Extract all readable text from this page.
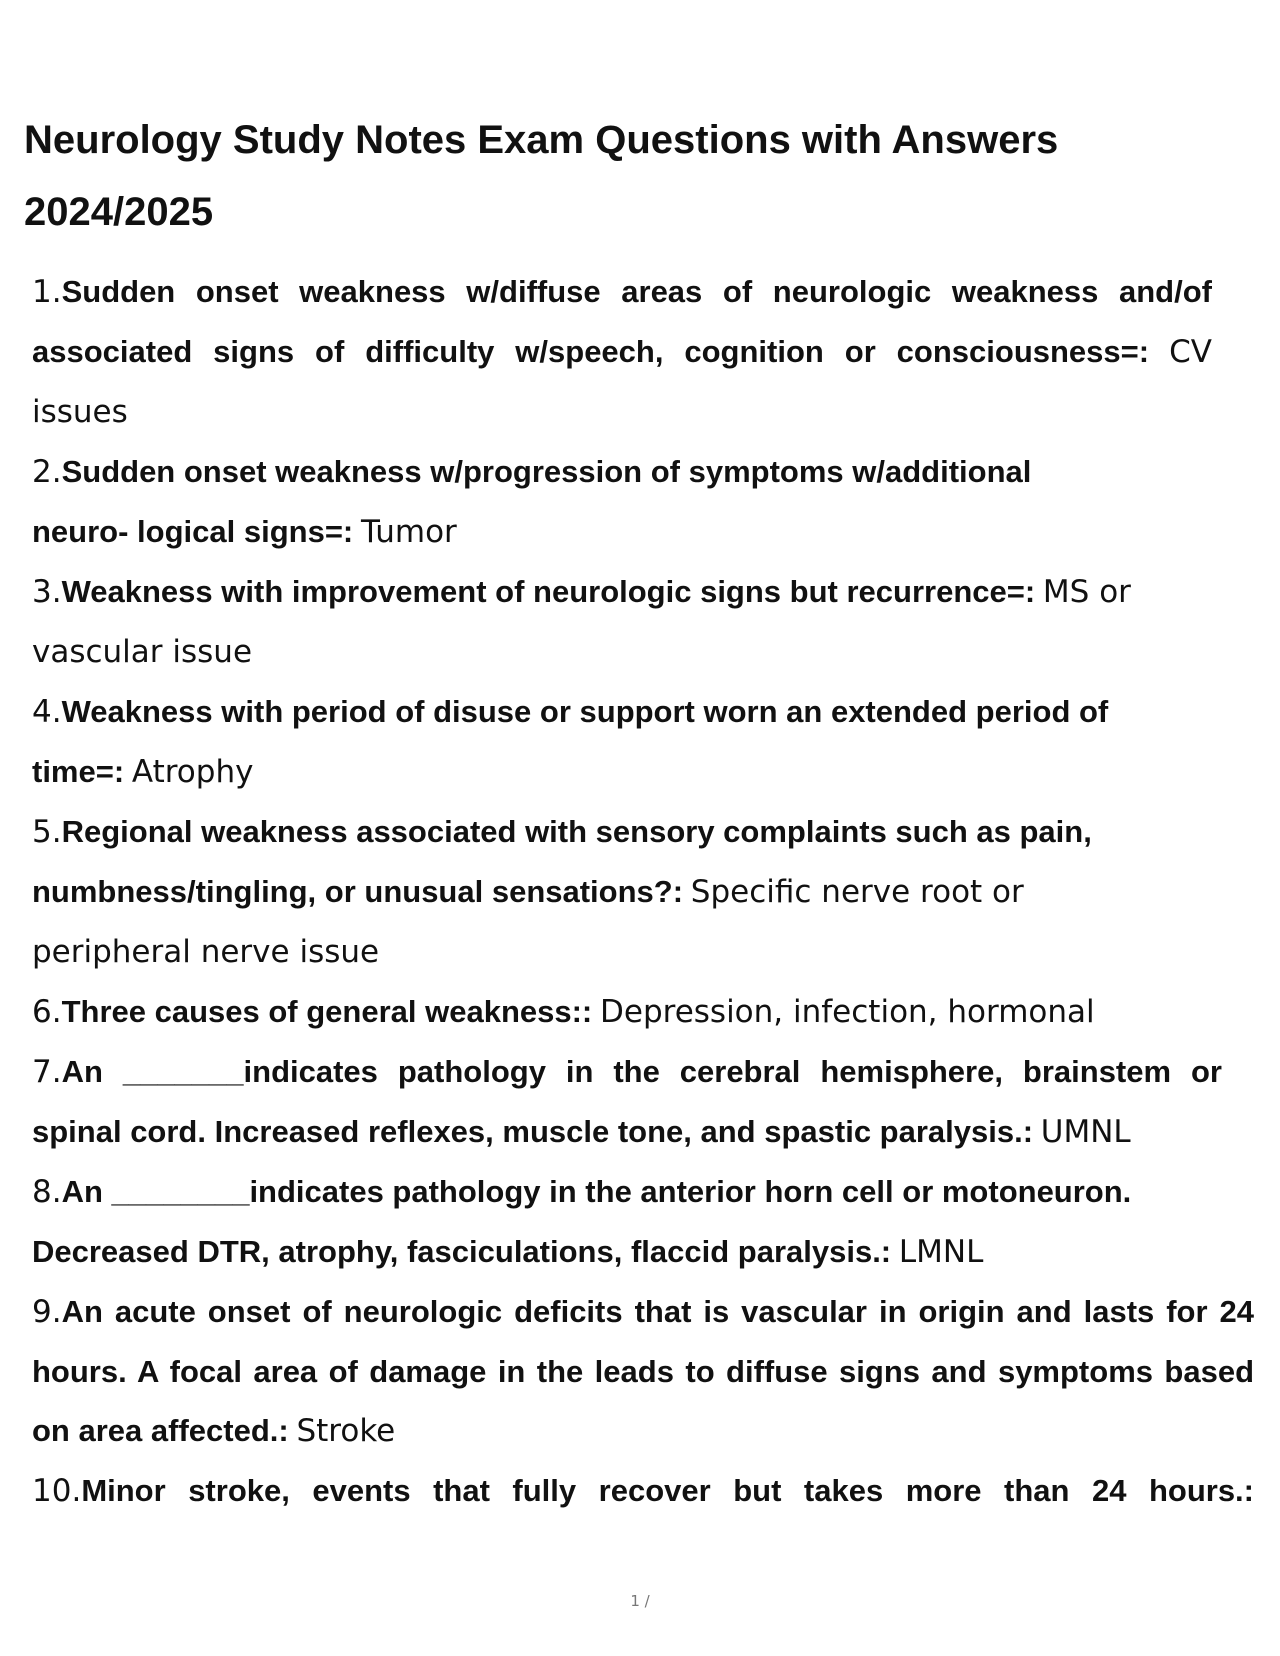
Neurology Study Notes Exam Questions with Answers
2024/2025
1.Sudden onset weakness w/diffuse areas of neurologic weakness and/of associated signs of difficulty w/speech, cognition or consciousness=: CV issues
2.Sudden onset weakness w/progression of symptoms w/additional neuro- logical signs=: Tumor
3.Weakness with improvement of neurologic signs but recurrence=: MS or vascular issue
4.Weakness with period of disuse or support worn an extended period of time=: Atrophy
5.Regional weakness associated with sensory complaints such as pain, numbness/tingling, or unusual sensations?: Specific nerve root or peripheral nerve issue
6.Three causes of general weakness:: Depression, infection, hormonal
7.An _______indicates pathology in the cerebral hemisphere, brainstem or spinal cord. Increased reflexes, muscle tone, and spastic paralysis.: UMNL
8.An ________indicates pathology in the anterior horn cell or motoneuron. Decreased DTR, atrophy, fasciculations, flaccid paralysis.: LMNL
9.An acute onset of neurologic deficits that is vascular in origin and lasts for 24 hours. A focal area of damage in the leads to diffuse signs and symptoms based on area affected.: Stroke
10.Minor stroke, events that fully recover but takes more than 24 hours.:
1 /
